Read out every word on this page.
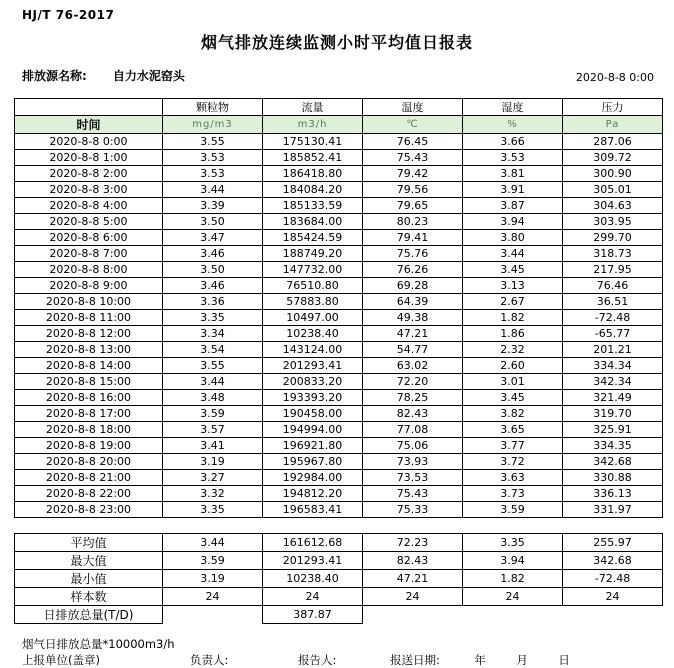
HJ/T 76-2017
烟气排放连续监测小时平均值日报表
排放源名称: 自力水泥窑头	2020-8-8 0:00
	颗粒物	流量	温度	湿度	压力
时间	mg/m3	m3/h	℃	%	Pa
2020-8-8 0:00	3.55	175130.41	76.45	3.66	287.06
2020-8-8 1:00	3.53	185852.41	75.43	3.53	309.72
2020-8-8 2:00	3.53	186418.80	79.42	3.81	300.90
2020-8-8 3:00	3.44	184084.20	79.56	3.91	305.01
2020-8-8 4:00	3.39	185133.59	79.65	3.87	304.63
2020-8-8 5:00	3.50	183684.00	80.23	3.94	303.95
2020-8-8 6:00	3.47	185424.59	79.41	3.80	299.70
2020-8-8 7:00	3.46	188749.20	75.76	3.44	318.73
2020-8-8 8:00	3.50	147732.00	76.26	3.45	217.95
2020-8-8 9:00	3.46	76510.80	69.28	3.13	76.46
2020-8-8 10:00	3.36	57883.80	64.39	2.67	36.51
2020-8-8 11:00	3.35	10497.00	49.38	1.82	-72.48
2020-8-8 12:00	3.34	10238.40	47.21	1.86	-65.77
2020-8-8 13:00	3.54	143124.00	54.77	2.32	201.21
2020-8-8 14:00	3.55	201293.41	63.02	2.60	334.34
2020-8-8 15:00	3.44	200833.20	72.20	3.01	342.34
2020-8-8 16:00	3.48	193393.20	78.25	3.45	321.49
2020-8-8 17:00	3.59	190458.00	82.43	3.82	319.70
2020-8-8 18:00	3.57	194994.00	77.08	3.65	325.91
2020-8-8 19:00	3.41	196921.80	75.06	3.77	334.35
2020-8-8 20:00	3.19	195967.80	73.93	3.72	342.68
2020-8-8 21:00	3.27	192984.00	73.53	3.63	330.88
2020-8-8 22:00	3.32	194812.20	75.43	3.73	336.13
2020-8-8 23:00	3.35	196583.41	75.33	3.59	331.97

平均值	3.44	161612.68	72.23	3.35	255.97
最大值	3.59	201293.41	82.43	3.94	342.68
最小值	3.19	10238.40	47.21	1.82	-72.48
样本数	24	24	24	24	24
日排放总量(T/D)		387.87			
烟气日排放总量*10000m3/h
上报单位(盖章)	负责人:	报告人:	报送日期:	年	月	日
